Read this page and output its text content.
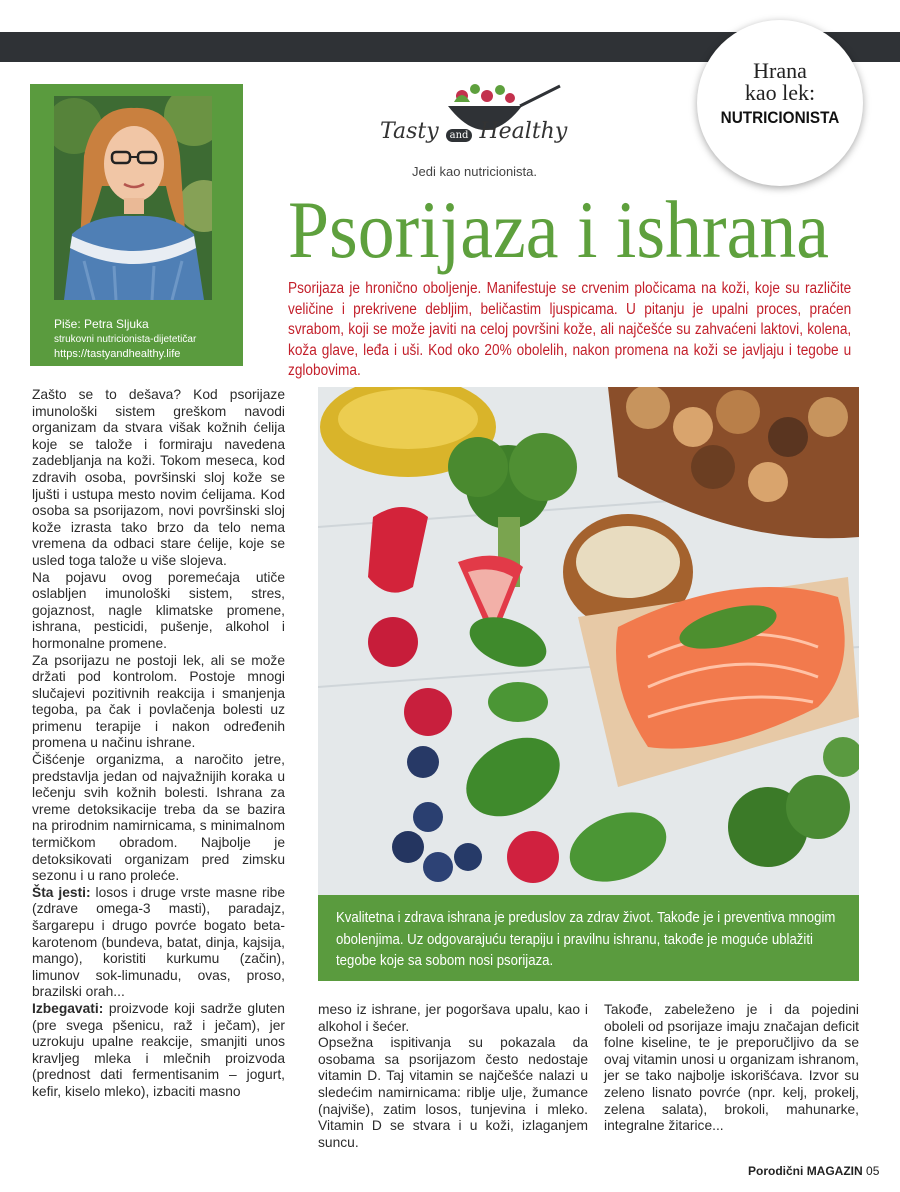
Hrana
kao lek:
NUTRICIONISTA
Piše: Petra Sljuka
strukovni nutricionista-dijetetičar
https://tastyandhealthy.life
Tasty and Healthy
Jedi kao nutricionista.
Psorijaza i ishrana

Psorijaza je hronično oboljenje. Manifestuje se crvenim pločicama na koži, koje su različite veličine i prekrivene debljim, beličastim ljuspicama. U pitanju je upalni proces, praćen svrabom, koji se može javiti na celoj površini kože, ali najčešće su zahvaćeni laktovi, kolena, koža glave, leđa i uši. Kod oko 20% obolelih, nakon promena na koži se javljaju i tegobe u zglobovima.

Zašto se to dešava? Kod psorijaze imunološki sistem greškom navodi organizam da stvara višak kožnih ćelija koje se talože i formiraju navedena zadebljanja na koži. Tokom meseca, kod zdravih osoba, površinski sloj kože se ljušti i ustupa mesto novim ćelijama. Kod osoba sa psorijazom, novi površinski sloj kože izrasta tako brzo da telo nema vremena da odbaci stare ćelije, koje se usled toga talože u više slojeva.

Na pojavu ovog poremećaja utiče oslabljen imunološki sistem, stres, gojaznost, nagle klimatske promene, ishrana, pesticidi, pušenje, alkohol i hormonalne promene.

Za psorijazu ne postoji lek, ali se može držati pod kontrolom. Postoje mnogi slučajevi pozitivnih reakcija i smanjenja tegoba, pa čak i povlačenja bolesti uz primenu terapije i nakon određenih promena u načinu ishrane.

Čišćenje organizma, a naročito jetre, predstavlja jedan od najvažnijih koraka u lečenju svih kožnih bolesti. Ishrana za vreme detoksikacije treba da se bazira na prirodnim namirnicama, s minimalnom termičkom obradom. Najbolje je detoksikovati organizam pred zimsku sezonu i u rano proleće.

Šta jesti: losos i druge vrste masne ribe (zdrave omega-3 masti), paradajz, šargarepu i drugo povrće bogato beta-karotenom (bundeva, batat, dinja, kajsija, mango), koristiti kurkumu (začin), limunov sok-limunadu, ovas, proso, brazilski orah...

Izbegavati: proizvode koji sadrže gluten (pre svega pšenicu, raž i ječam), jer uzrokuju upalne reakcije, smanjiti unos kravljeg mleka i mlečnih proizvoda (prednost dati fermentisanim – jogurt, kefir, kiselo mleko), izbaciti masno

Kvalitetna i zdrava ishrana je preduslov za zdrav život. Takođe je i preventiva mnogim obolenjima. Uz odgovarajuću terapiju i pravilnu ishranu, takođe je moguće ublažiti tegobe koje sa sobom nosi psorijaza.

meso iz ishrane, jer pogoršava upalu, kao i alkohol i šećer.

Opsežna ispitivanja su pokazala da osobama sa psorijazom često nedostaje vitamin D. Taj vitamin se najčešće nalazi u sledećim namirnicama: riblje ulje, žumance (najviše), zatim losos, tunjevina i mleko. Vitamin D se stvara i u koži, izlaganjem suncu.

Takođe, zabeleženo je i da pojedini oboleli od psorijaze imaju značajan deficit folne kiseline, te je preporučljivo da se ovaj vitamin unosi u organizam ishranom, jer se tako najbolje iskorišćava. Izvor su zeleno lisnato povrće (npr. kelj, prokelj, zelena salata), brokoli, mahunarke, integralne žitarice...

Porodični MAGAZIN 05
